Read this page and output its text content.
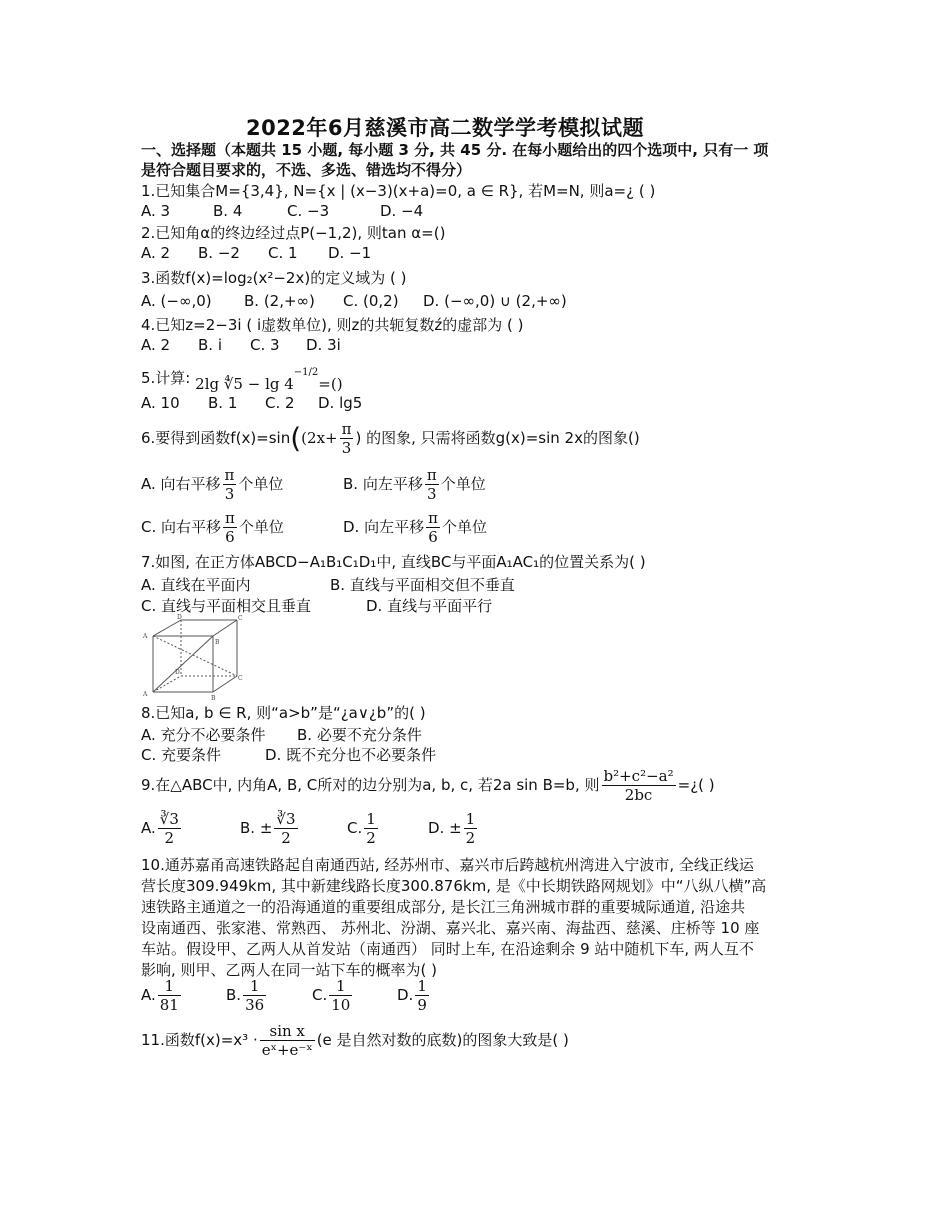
2022年6月慈溪市高二数学学考模拟试题
一、选择题（本题共 15 小题, 每小题 3 分, 共 45 分. 在每小题给出的四个选项中, 只有一 项
是符合题目要求的，不选、多选、错选均不得分）
1.已知集合M={3,4}, N={x | (x−3)(x+a)=0, a ∈ R}, 若M=N, 则a=¿ ( )
A. 3	B. 4	C. −3	D. −4
2.已知角α的终边经过点P(−1,2), 则tan α=()
A. 2 B. −2 C. 1 D. −1
3.函数f(x)=log₂(x²−2x)的定义域为 ( )
A. (−∞,0) B. (2,+∞) C. (0,2) D. (−∞,0) ∪ (2,+∞)
4.已知z=2−3i ( i虚数单位), 则z的共轭复数ź的虚部为 ( )
A. 2 B. i C. 3 D. 3i
5.计算: 2lg ∜5 − $\lg 4^{-1/2}=()$
A. 10 B. 1 C. 2 D. lg5
6.要得到函数$f(x)=\sin((2x+ \frac{\pi}{3}$ ) 的图象, 只需将函数g(x)=sin 2x的图象()
A. 向右平移 $\frac{\pi}{3}$ 个单位	B. 向左平移 $\frac{\pi}{3}$ 个单位
C. 向右平移 $\frac{\pi}{6}$ 个单位	D. 向左平移 $\frac{\pi}{6}$ 个单位
7.如图, 在正方体ABCD−A₁B₁C₁D₁中, 直线BC与平面A₁AC₁的位置关系为( )
A. 直线在平面内	B. 直线与平面相交但不垂直
C. 直线与平面相交且垂直	D. 直线与平面平行
A
A
B
C
D	C
B
D
8.已知a, b ∈ R, 则“a>b”是“¿a∨¿b”的( )
A. 充分不必要条件 B. 必要不充分条件
C. 充要条件	D. 既不充分也不必要条件
9.在△ABC中, 内角A, B, C所对的边分别为a, b, c, 若2a sin B=b, 则 $\frac{\text{b²+c²−a²}}{2bc}$ =¿( )
A. $\frac{∛3}{2}$	B. ± $\frac{∛3}{2}$	C. $\frac{1}{2}$	D. ± $\frac{1}{2}$
10.通苏嘉甬高速铁路起自南通西站, 经苏州市、嘉兴市后跨越杭州湾进入宁波市, 全线正线运
营长度309.949km, 其中新建线路长度300.876km, 是《中长期铁路网规划》中“八纵八横”高
速铁路主通道之一的沿海通道的重要组成部分, 是长江三角洲城市群的重要城际通道, 沿途共
设南通西、张家港、常熟西、 苏州北、汾湖、嘉兴北、嘉兴南、海盐西、慈溪、庄桥等 10 座
车站。假设甲、乙两人从首发站（南通西） 同时上车, 在沿途剩余 9 站中随机下车, 两人互不
影响, 则甲、乙两人在同一站下车的概率为( )
A. $\frac{1}{81}$	B. $\frac{1}{36}$	C. $\frac{1}{10}$	D. $\frac{1}{9}$
11.函数$f(x)=x^3 \cdot \frac{\text{sin x}}{\text{eˣ+e⁻ˣ}} (e$ 是自然对数的底数)的图象大致是( )
